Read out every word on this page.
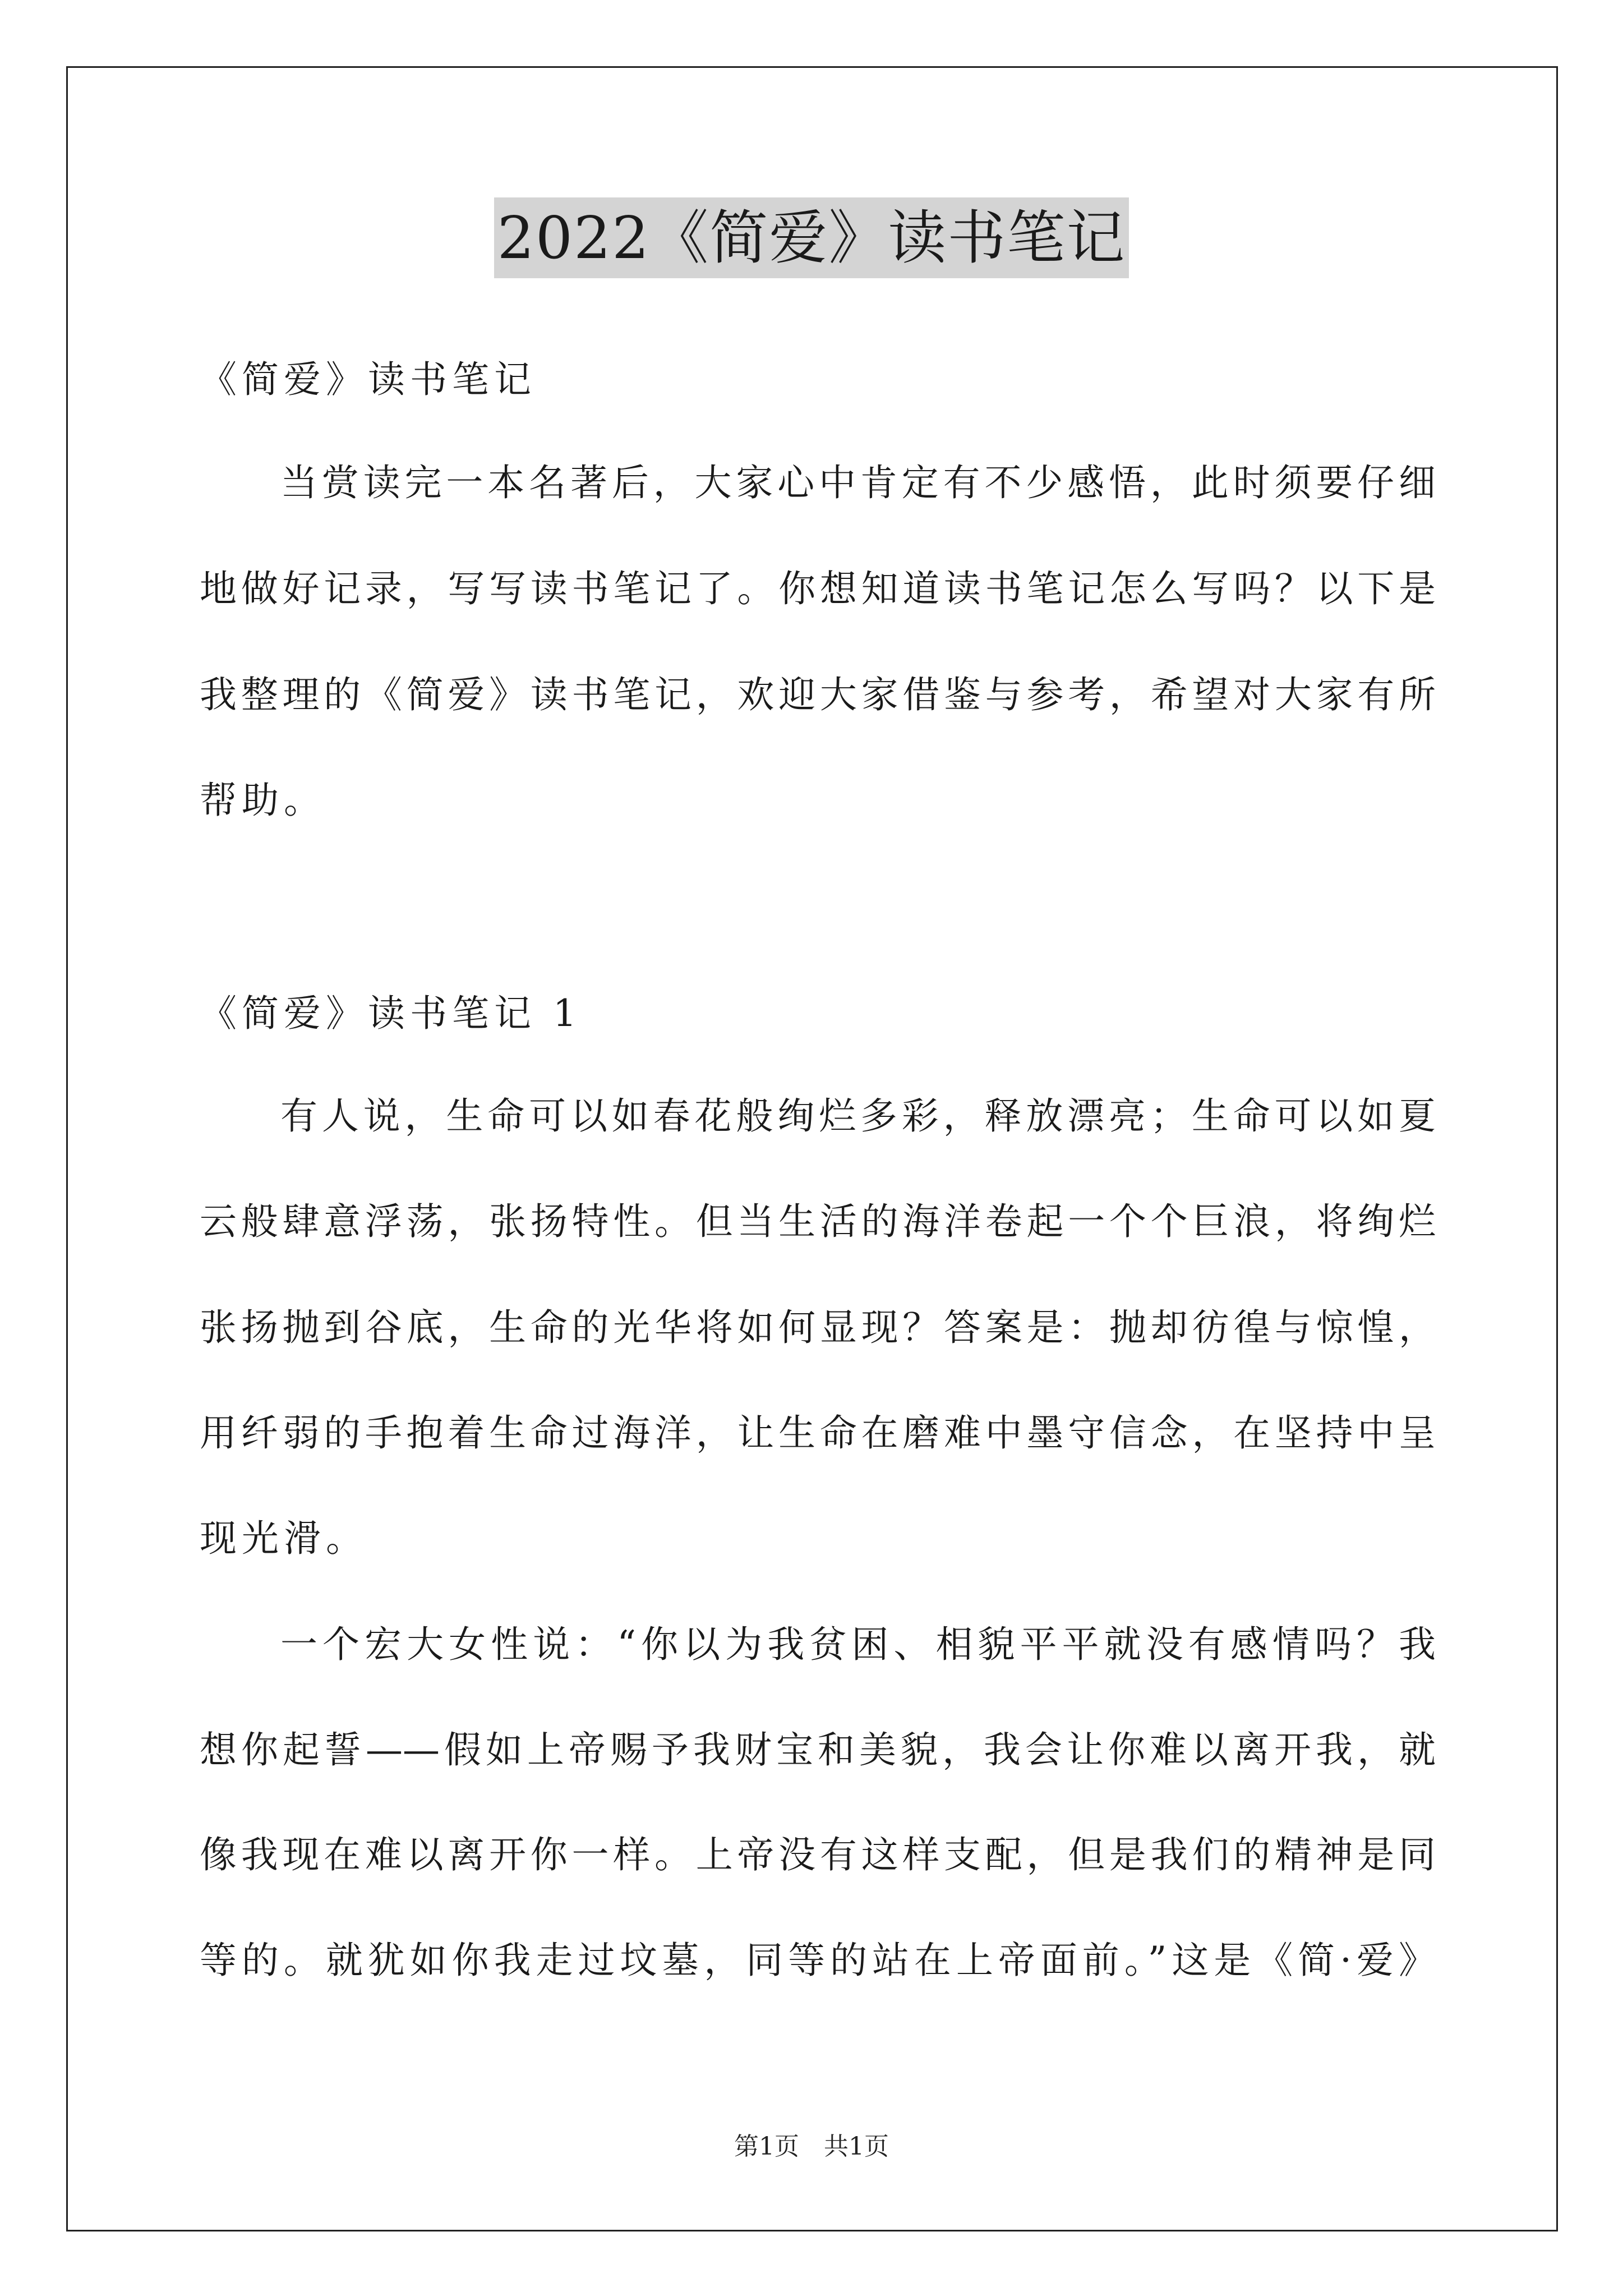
2022《简爱》读书笔记
《简爱》读书笔记
当赏读完一本名著后，大家心中肯定有不少感悟，此时须要仔细
地做好记录，写写读书笔记了。你想知道读书笔记怎么写吗？以下是
我整理的《简爱》读书笔记，欢迎大家借鉴与参考，希望对大家有所
帮助。
《简爱》读书笔记 1
有人说，生命可以如春花般绚烂多彩，释放漂亮；生命可以如夏
云般肆意浮荡，张扬特性。但当生活的海洋卷起一个个巨浪，将绚烂
张扬抛到谷底，生命的光华将如何显现？答案是：抛却彷徨与惊惶，
用纤弱的手抱着生命过海洋，让生命在磨难中墨守信念，在坚持中呈
现光滑。
一个宏大女性说：“你以为我贫困、相貌平平就没有感情吗？我
想你起誓——假如上帝赐予我财宝和美貌，我会让你难以离开我，就
像我现在难以离开你一样。上帝没有这样支配，但是我们的精神是同
等的。就犹如你我走过坟墓，同等的站在上帝面前。”这是《简·爱》
第1页　共1页
